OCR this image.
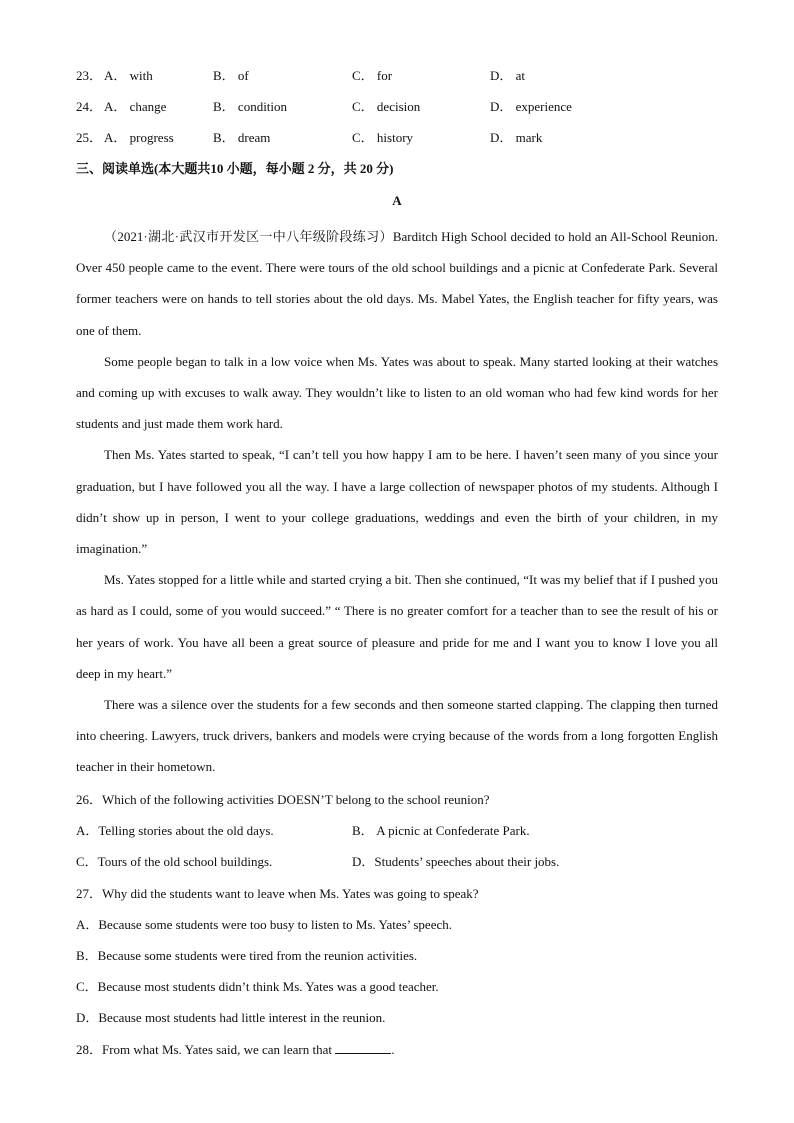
23． A． with	B． of	C． for	D． at
24． A． change	B． condition	C． decision	D． experience
25． A． progress	B． dream	C． history	D． mark
三、阅读单选(本大题共10 小题，每小题 2 分，共 20 分)
A

（2021·湖北·武汉市开发区一中八年级阶段练习）Barditch High School decided to hold an All-School Reunion. Over 450 people came to the event. There were tours of the old school buildings and a picnic at Confederate Park. Several former teachers were on hands to tell stories about the old days. Ms. Mabel Yates, the English teacher for fifty years, was one of them.

Some people began to talk in a low voice when Ms. Yates was about to speak. Many started looking at their watches and coming up with excuses to walk away. They wouldn’t like to listen to an old woman who had few kind words for her students and just made them work hard.

Then Ms. Yates started to speak, “I can’t tell you how happy I am to be here. I haven’t seen many of you since your graduation, but I have followed you all the way. I have a large collection of newspaper photos of my students. Although I didn’t show up in person, I went to your college graduations, weddings and even the birth of your children, in my imagination.”

Ms. Yates stopped for a little while and started crying a bit. Then she continued, “It was my belief that if I pushed you as hard as I could, some of you would succeed.” “ There is no greater comfort for a teacher than to see the result of his or her years of work. You have all been a great source of pleasure and pride for me and I want you to know I love you all deep in my heart.”

There was a silence over the students for a few seconds and then someone started clapping. The clapping then turned into cheering. Lawyers, truck drivers, bankers and models were crying because of the words from a long forgotten English teacher in their hometown.

26．Which of the following activities DOESN’T belong to the school reunion?
A．Telling stories about the old days.	B． A picnic at Confederate Park.
C．Tours of the old school buildings.	D．Students’ speeches about their jobs.
27．Why did the students want to leave when Ms. Yates was going to speak?
A．Because some students were too busy to listen to Ms. Yates’ speech.
B．Because some students were tired from the reunion activities.
C．Because most students didn’t think Ms. Yates was a good teacher.
D．Because most students had little interest in the reunion.
28．From what Ms. Yates said, we can learn that	.
